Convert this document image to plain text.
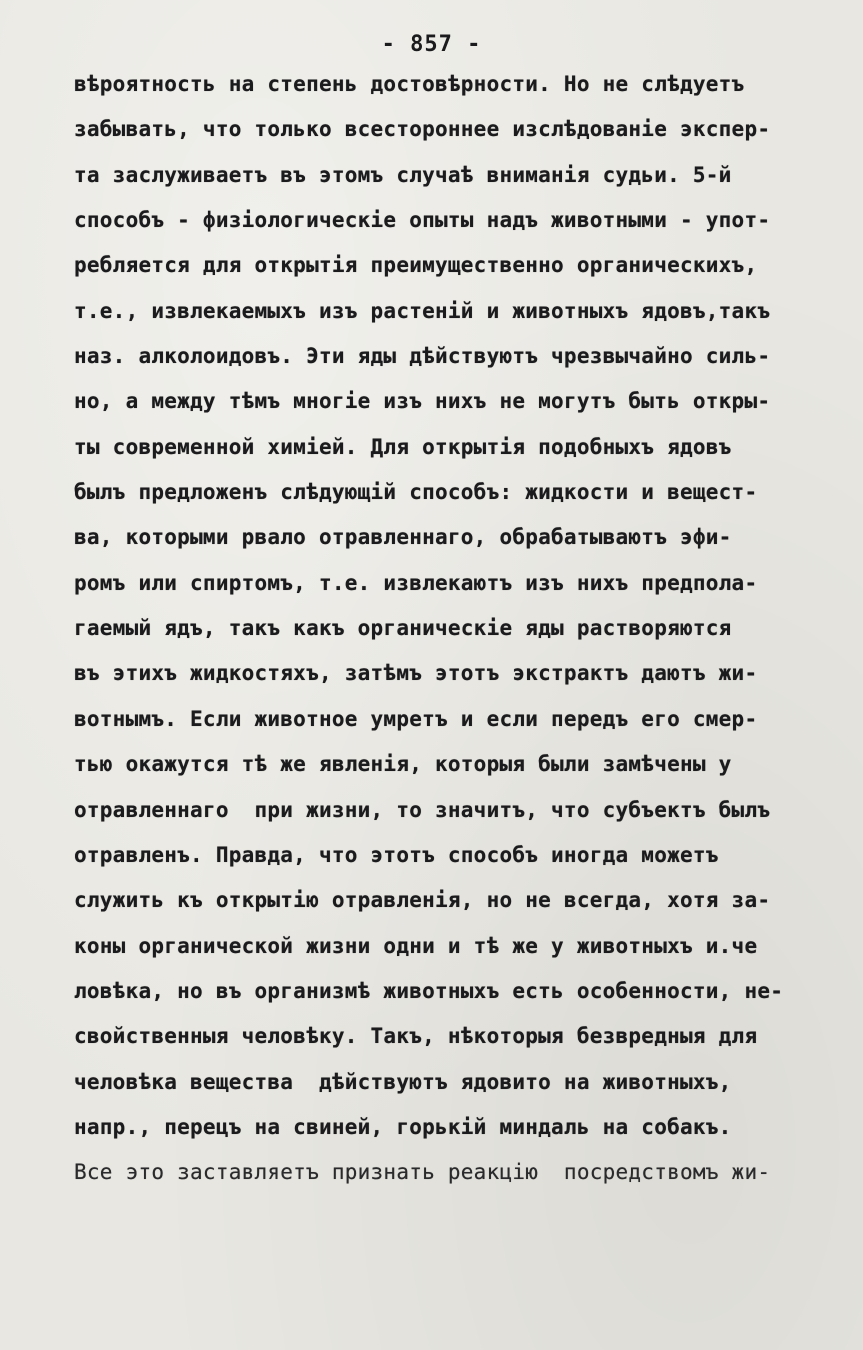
- 857 -
вѣроятность на степень достовѣрности. Но не слѣдуетъ
забывать, что только всестороннее изслѣдованіе экспер-
та заслуживаетъ въ этомъ случаѣ вниманія судьи. 5-й
способъ - физiологическiе опыты надъ животными - упот-
ребляется для открытія преимущественно органическихъ,
т.е., извлекаемыхъ изъ растеній и животныхъ ядовъ,такъ
наз. алколоидовъ. Эти яды дѣйствуютъ чрезвычайно силь-
но, а между тѣмъ многіе изъ нихъ не могутъ быть откры-
ты современной химіей. Для открытія подобныхъ ядовъ
былъ предложенъ слѣдующій способъ: жидкости и вещест-
ва, которыми рвало отравленнаго, обрабатываютъ эфи-
ромъ или спиртомъ, т.е. извлекаютъ изъ нихъ предпола-
гаемый ядъ, такъ какъ органическіе яды растворяются
въ этихъ жидкостяхъ, затѣмъ этотъ экстрактъ даютъ жи-
вотнымъ. Если животное умретъ и если передъ его смер-
тью окажутся тѣ же явленія, которыя были замѣчены у
отравленнаго  при жизни, то значитъ, что субъектъ былъ
отравленъ. Правда, что этотъ способъ иногда можетъ
служить къ открытію отравленія, но не всегда, хотя за-
коны органической жизни одни и тѣ же у животныхъ и.че
ловѣка, но въ организмѣ животныхъ есть особенности, не-
свойственныя человѣку. Такъ, нѣкоторыя безвредныя для
человѣка вещества  дѣйствуютъ ядовито на животныхъ,
напр., перецъ на свиней, горькій миндаль на собакъ.
Все это заставляетъ признать реакцію  посредствомъ жи-
